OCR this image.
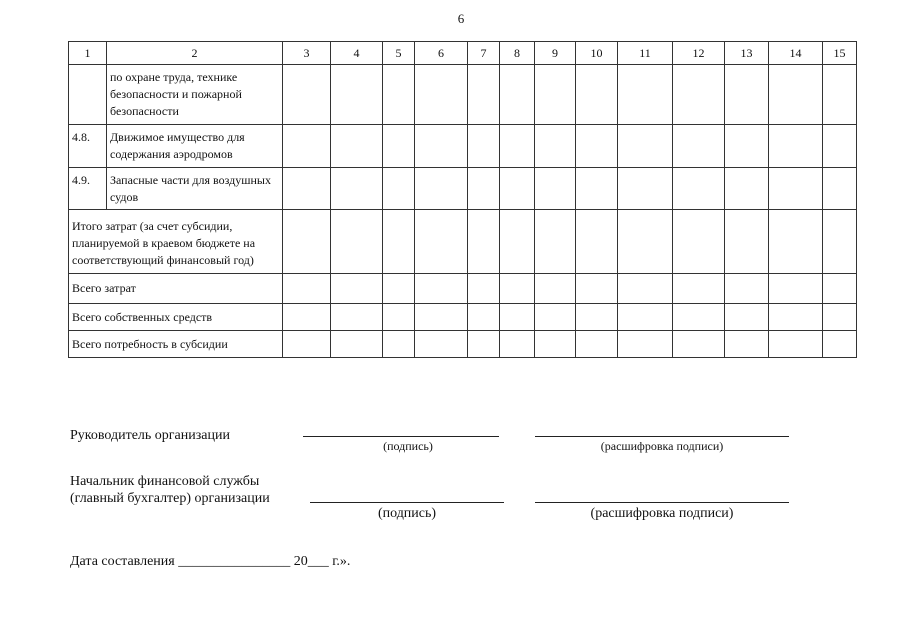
6
1	2	3	4	5	6	7	8	9	10	11	12	13	14	15
	по охране труда, технике безопасности и пожарной безопасности													
4.8.	Движимое имущество для содержания аэродромов													
4.9.	Запасные части для воздушных судов													
Итого затрат (за счет субсидии, планируемой в краевом бюджете на соответствующий финансовый год)														
Всего затрат														
Всего собственных средств														
Всего потребность в субсидии														
Руководитель организации
(подпись)	(расшифровка подписи)
Начальник финансовой службы
(главный бухгалтер) организации
(подпись)	(расшифровка подписи)
Дата составления ________________ 20___ г.».
